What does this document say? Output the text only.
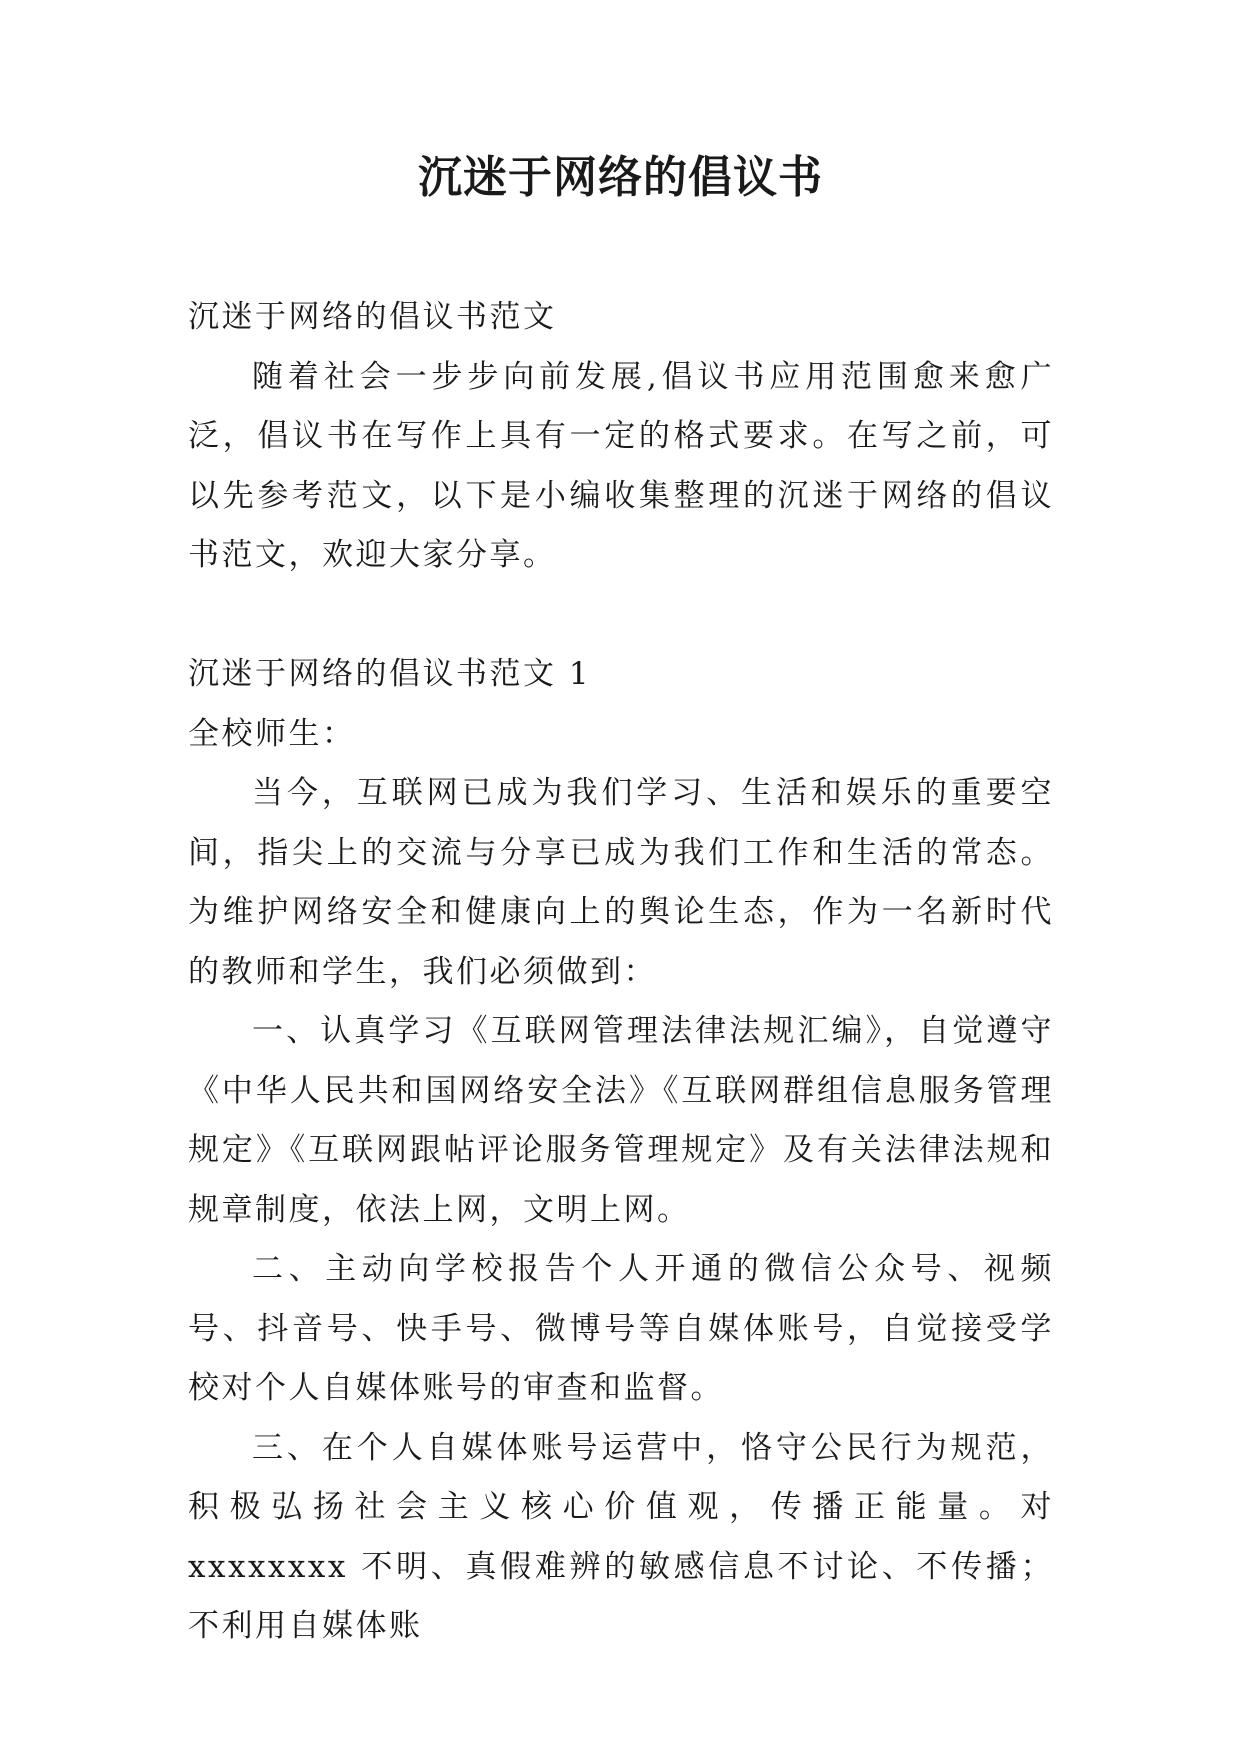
沉迷于网络的倡议书

沉迷于网络的倡议书范文

随着社会一步步向前发展,倡议书应用范围愈来愈广泛，倡议书在写作上具有一定的格式要求。在写之前，可以先参考范文，以下是小编收集整理的沉迷于网络的倡议书范文，欢迎大家分享。

沉迷于网络的倡议书范文 1

全校师生：

当今，互联网已成为我们学习、生活和娱乐的重要空间，指尖上的交流与分享已成为我们工作和生活的常态。为维护网络安全和健康向上的舆论生态，作为一名新时代的教师和学生，我们必须做到：

一、认真学习《互联网管理法律法规汇编》，自觉遵守《中华人民共和国网络安全法》《互联网群组信息服务管理规定》《互联网跟帖评论服务管理规定》及有关法律法规和规章制度，依法上网，文明上网。

二、主动向学校报告个人开通的微信公众号、视频号、抖音号、快手号、微博号等自媒体账号，自觉接受学校对个人自媒体账号的审查和监督。

三、在个人自媒体账号运营中，恪守公民行为规范，积极弘扬社会主义核心价值观，传播正能量。对 xxxxxxxx 不明、真假难辨的敏感信息不讨论、不传播；不利用自媒体账
